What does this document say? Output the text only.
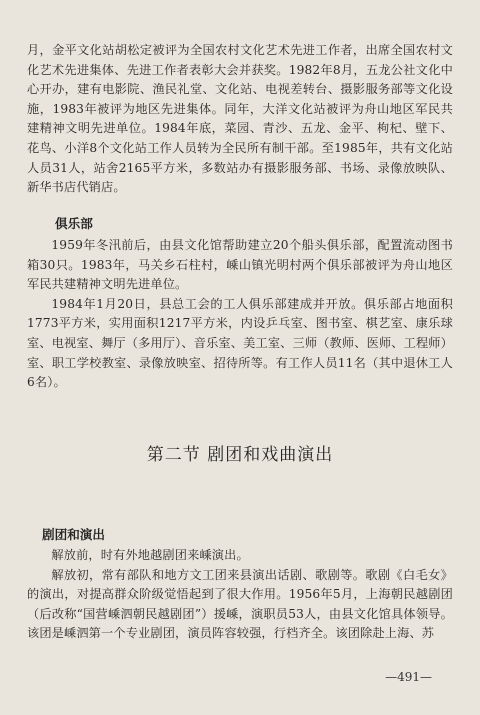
月，金平文化站胡松定被评为全国农村文化艺术先进工作者，出席全国农村文化艺术先进集体、先进工作者表彰大会并获奖。1982年8月，五龙公社文化中心开办，建有电影院、渔民礼堂、文化站、电视差转台、摄影服务部等文化设施，1983年被评为地区先进集体。同年，大洋文化站被评为舟山地区军民共建精神文明先进单位。1984年底，菜园、青沙、五龙、金平、枸杞、壁下、花鸟、小洋8个文化站工作人员转为全民所有制干部。至1985年，共有文化站人员31人，站舍2165平方米，多数站办有摄影服务部、书场、录像放映队、新华书店代销店。

俱乐部

1959年冬汛前后，由县文化馆帮助建立20个船头俱乐部，配置流动图书箱30只。1983年，马关乡石柱村，嵊山镇光明村两个俱乐部被评为舟山地区军民共建精神文明先进单位。

1984年1月20日，县总工会的工人俱乐部建成并开放。俱乐部占地面积1773平方米，实用面积1217平方米，内设乒乓室、图书室、棋艺室、康乐球室、电视室、舞厅（多用厅）、音乐室、美工室、三师（教师、医师、工程师）室、职工学校教室、录像放映室、招待所等。有工作人员11名（其中退休工人6名）。

第二节 剧团和戏曲演出
剧团和演出

解放前，时有外地越剧团来嵊演出。

解放初，常有部队和地方文工团来县演出话剧、歌剧等。歌剧《白毛女》的演出，对提高群众阶级觉悟起到了很大作用。1956年5月，上海朝民越剧团（后改称“国营嵊泗朝民越剧团”）援嵊，演职员53人，由县文化馆具体领导。该团是嵊泗第一个专业剧团，演员阵容较强，行档齐全。该团除赴上海、苏

—491—
